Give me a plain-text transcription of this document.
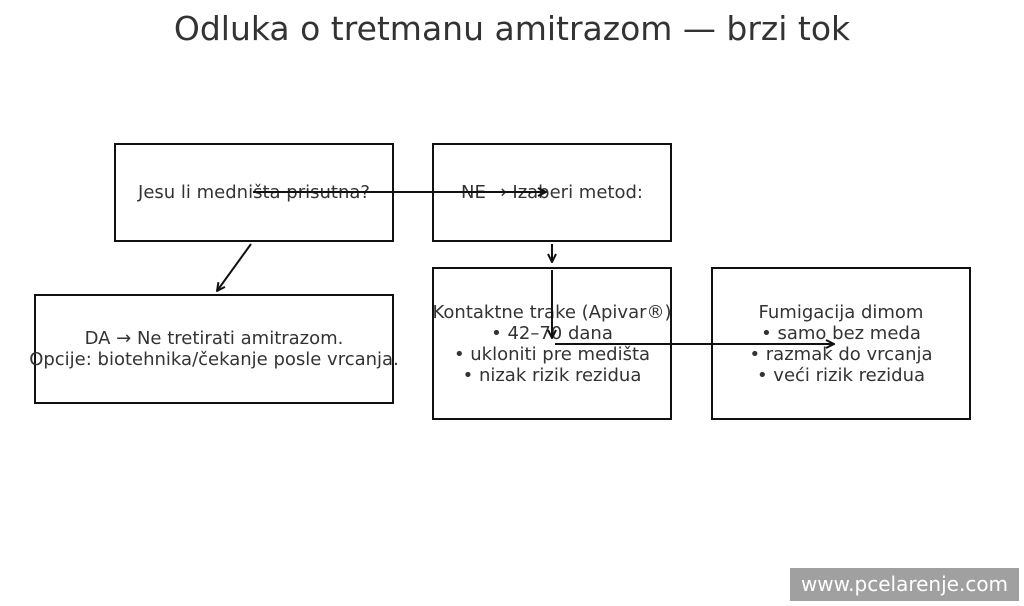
Odluka o tretmanu amitrazom — brzi tok
Jesu li medništa prisutna?	NE → Izaberi metod:
DA → Ne tretirati amitrazom.
Opcije: biotehnika/čekanje posle vrcanja.
Kontaktne trake (Apivar®)
• 42–70 dana
• ukloniti pre medišta
• nizak rizik rezidua
Fumigacija dimom
• samo bez meda
• razmak do vrcanja
• veći rizik rezidua
www.pcelarenje.com
